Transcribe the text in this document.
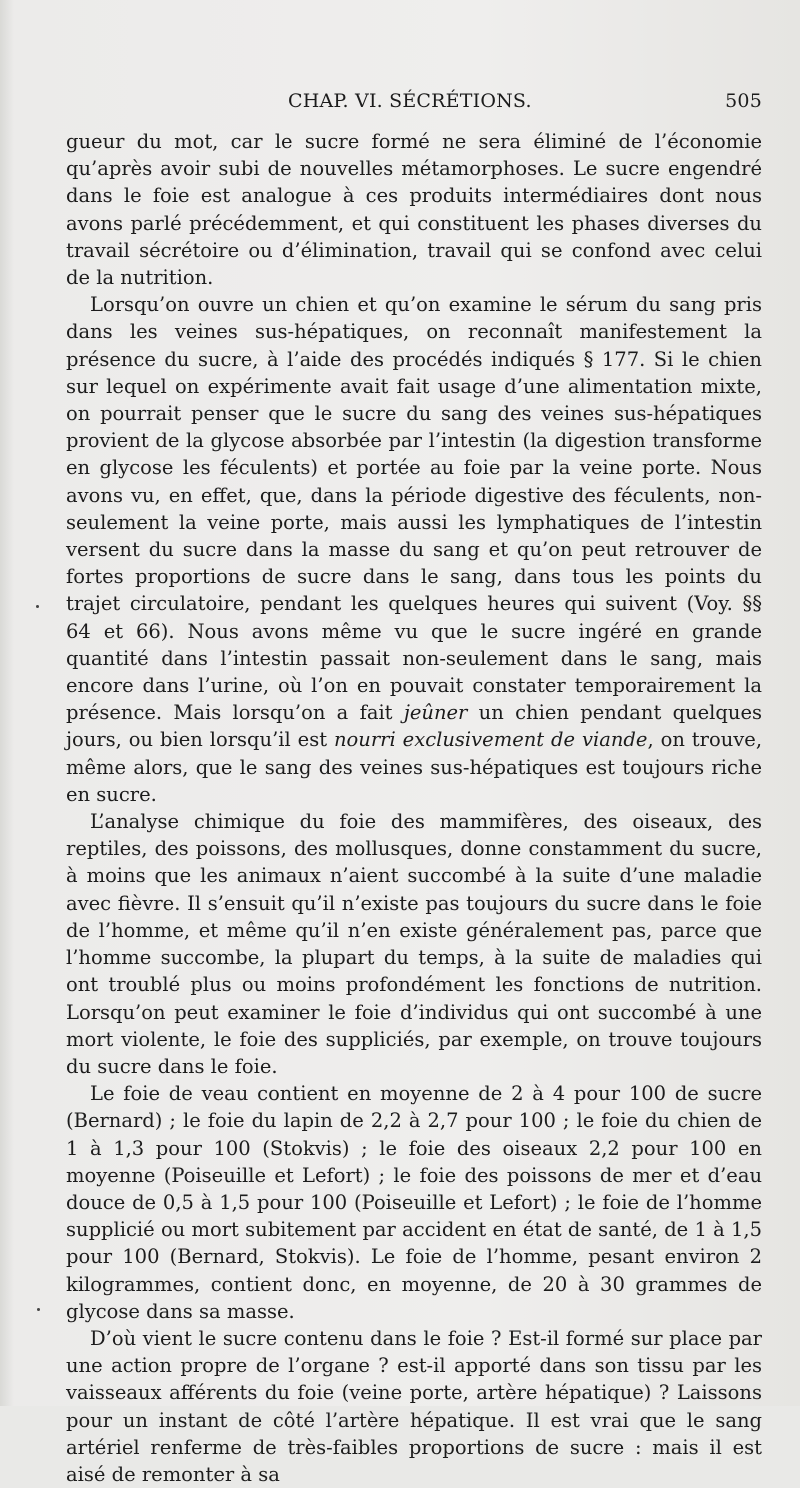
CHAP. VI. SÉCRÉTIONS.	505

gueur du mot, car le sucre formé ne sera éliminé de l’économie qu’après avoir subi de nouvelles métamorphoses. Le sucre engendré dans le foie est analogue à ces produits intermédiaires dont nous avons parlé précédemment, et qui constituent les phases diverses du travail sécrétoire ou d’élimination, travail qui se confond avec celui de la nutrition.

Lorsqu’on ouvre un chien et qu’on examine le sérum du sang pris dans les veines sus-hépatiques, on reconnaît manifestement la présence du sucre, à l’aide des procédés indiqués § 177. Si le chien sur lequel on expérimente avait fait usage d’une alimentation mixte, on pourrait penser que le sucre du sang des veines sus-hépatiques provient de la glycose absorbée par l’intestin (la digestion transforme en glycose les féculents) et portée au foie par la veine porte. Nous avons vu, en effet, que, dans la période digestive des féculents, non-seulement la veine porte, mais aussi les lymphatiques de l’intestin versent du sucre dans la masse du sang et qu’on peut retrouver de fortes proportions de sucre dans le sang, dans tous les points du trajet circulatoire, pendant les quelques heures qui suivent (Voy. §§ 64 et 66). Nous avons même vu que le sucre ingéré en grande quantité dans l’intestin passait non-seulement dans le sang, mais encore dans l’urine, où l’on en pouvait constater temporairement la présence. Mais lorsqu’on a fait jeûner un chien pendant quelques jours, ou bien lorsqu’il est nourri exclusivement de viande, on trouve, même alors, que le sang des veines sus-hépatiques est toujours riche en sucre.

L’analyse chimique du foie des mammifères, des oiseaux, des reptiles, des poissons, des mollusques, donne constamment du sucre, à moins que les animaux n’aient succombé à la suite d’une maladie avec fièvre. Il s’ensuit qu’il n’existe pas toujours du sucre dans le foie de l’homme, et même qu’il n’en existe généralement pas, parce que l’homme succombe, la plupart du temps, à la suite de maladies qui ont troublé plus ou moins profondément les fonctions de nutrition. Lorsqu’on peut examiner le foie d’individus qui ont succombé à une mort violente, le foie des suppliciés, par exemple, on trouve toujours du sucre dans le foie.

Le foie de veau contient en moyenne de 2 à 4 pour 100 de sucre (Bernard) ; le foie du lapin de 2,2 à 2,7 pour 100 ; le foie du chien de 1 à 1,3 pour 100 (Stokvis) ; le foie des oiseaux 2,2 pour 100 en moyenne (Poiseuille et Lefort) ; le foie des poissons de mer et d’eau douce de 0,5 à 1,5 pour 100 (Poiseuille et Lefort) ; le foie de l’homme supplicié ou mort subitement par accident en état de santé, de 1 à 1,5 pour 100 (Bernard, Stokvis). Le foie de l’homme, pesant environ 2 kilogrammes, contient donc, en moyenne, de 20 à 30 grammes de glycose dans sa masse.

D’où vient le sucre contenu dans le foie ? Est-il formé sur place par une action propre de l’organe ? est-il apporté dans son tissu par les vaisseaux afférents du foie (veine porte, artère hépatique) ? Laissons pour un instant de côté l’artère hépatique. Il est vrai que le sang artériel renferme de très-faibles proportions de sucre : mais il est aisé de remonter à sa
